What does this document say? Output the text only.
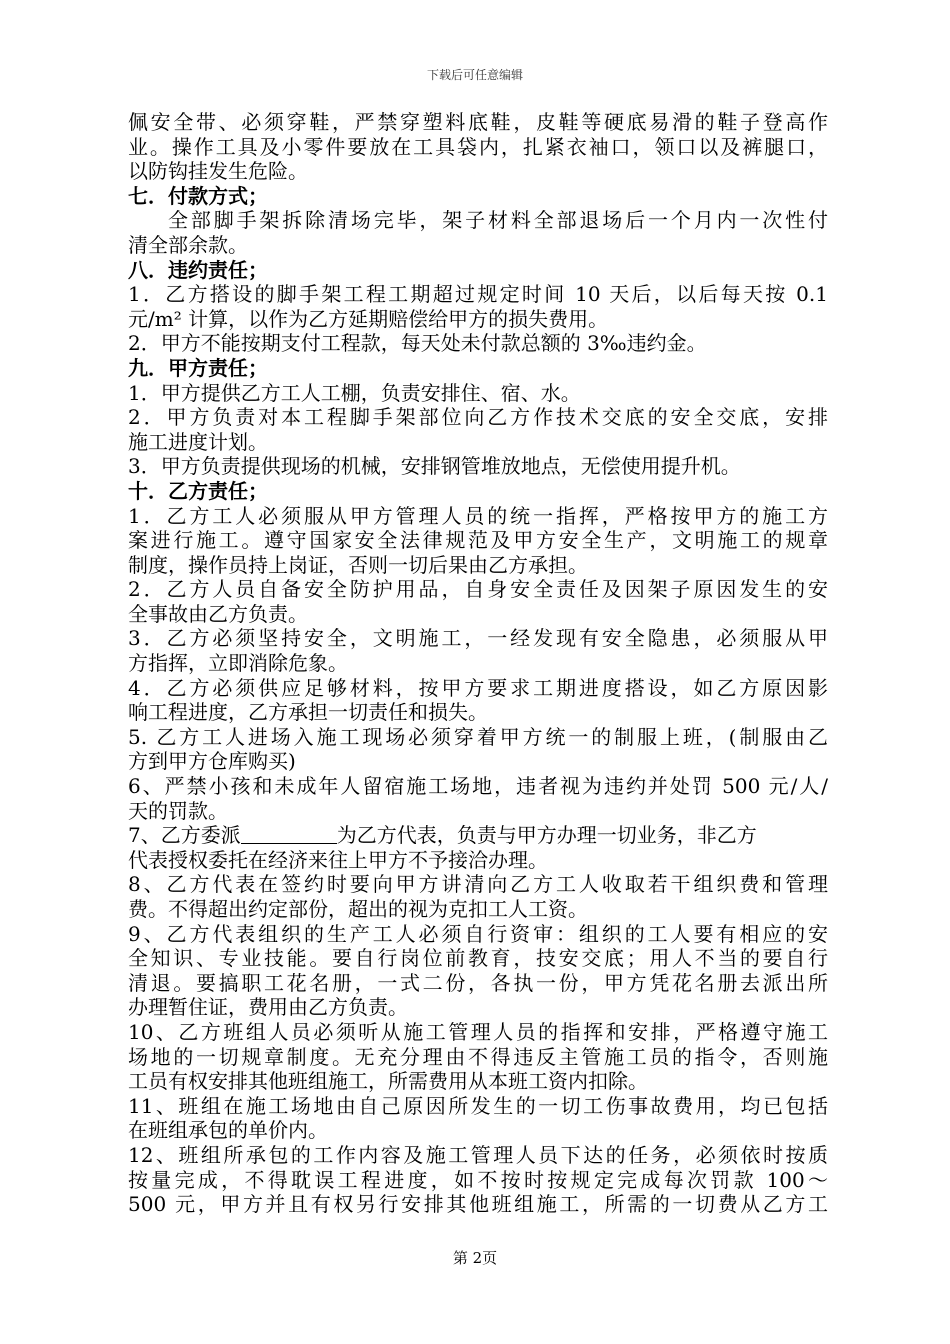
下载后可任意编辑
佩安全带、必须穿鞋，严禁穿塑料底鞋，皮鞋等硬底易滑的鞋子登高作
业。操作工具及小零件要放在工具袋内，扎紧衣袖口，领口以及裤腿口，
以防钩挂发生危险。
七．付款方式；
全部脚手架拆除清场完毕，架子材料全部退场后一个月内一次性付
清全部余款。
八．违约责任；
1．乙方搭设的脚手架工程工期超过规定时间 10 天后，以后每天按 0.1
元/m² 计算，以作为乙方延期赔偿给甲方的损失费用。
2．甲方不能按期支付工程款，每天处未付款总额的 3‰违约金。
九．甲方责任；
1．甲方提供乙方工人工棚，负责安排住、宿、水。
2．甲方负责对本工程脚手架部位向乙方作技术交底的安全交底，安排
施工进度计划。
3．甲方负责提供现场的机械，安排钢管堆放地点，无偿使用提升机。
十．乙方责任；
1．乙方工人必须服从甲方管理人员的统一指挥，严格按甲方的施工方
案进行施工。遵守国家安全法律规范及甲方安全生产，文明施工的规章
制度，操作员持上岗证，否则一切后果由乙方承担。
2．乙方人员自备安全防护用品，自身安全责任及因架子原因发生的安
全事故由乙方负责。
3．乙方必须坚持安全，文明施工，一经发现有安全隐患，必须服从甲
方指挥，立即消除危象。
4．乙方必须供应足够材料，按甲方要求工期进度搭设，如乙方原因影
响工程进度，乙方承担一切责任和损失。
5. 乙方工人进场入施工现场必须穿着甲方统一的制服上班，(制服由乙
方到甲方仓库购买)
6、严禁小孩和未成年人留宿施工场地，违者视为违约并处罚 500 元/人/
天的罚款。
7、乙方委派	为乙方代表，负责与甲方办理一切业务，非乙方
代表授权委托在经济来往上甲方不予接洽办理。
8、乙方代表在签约时要向甲方讲清向乙方工人收取若干组织费和管理
费。不得超出约定部份，超出的视为克扣工人工资。
9、乙方代表组织的生产工人必须自行资审：组织的工人要有相应的安
全知识、专业技能。要自行岗位前教育，技安交底；用人不当的要自行
清退。要搞职工花名册，一式二份，各执一份，甲方凭花名册去派出所
办理暂住证，费用由乙方负责。
10、乙方班组人员必须听从施工管理人员的指挥和安排，严格遵守施工
场地的一切规章制度。无充分理由不得违反主管施工员的指令，否则施
工员有权安排其他班组施工，所需费用从本班工资内扣除。
11、班组在施工场地由自己原因所发生的一切工伤事故费用，均已包括
在班组承包的单价内。
12、班组所承包的工作内容及施工管理人员下达的任务，必须依时按质
按量完成，不得耽误工程进度，如不按时按规定完成每次罚款 100～
500 元，甲方并且有权另行安排其他班组施工，所需的一切费从乙方工
第 2页
